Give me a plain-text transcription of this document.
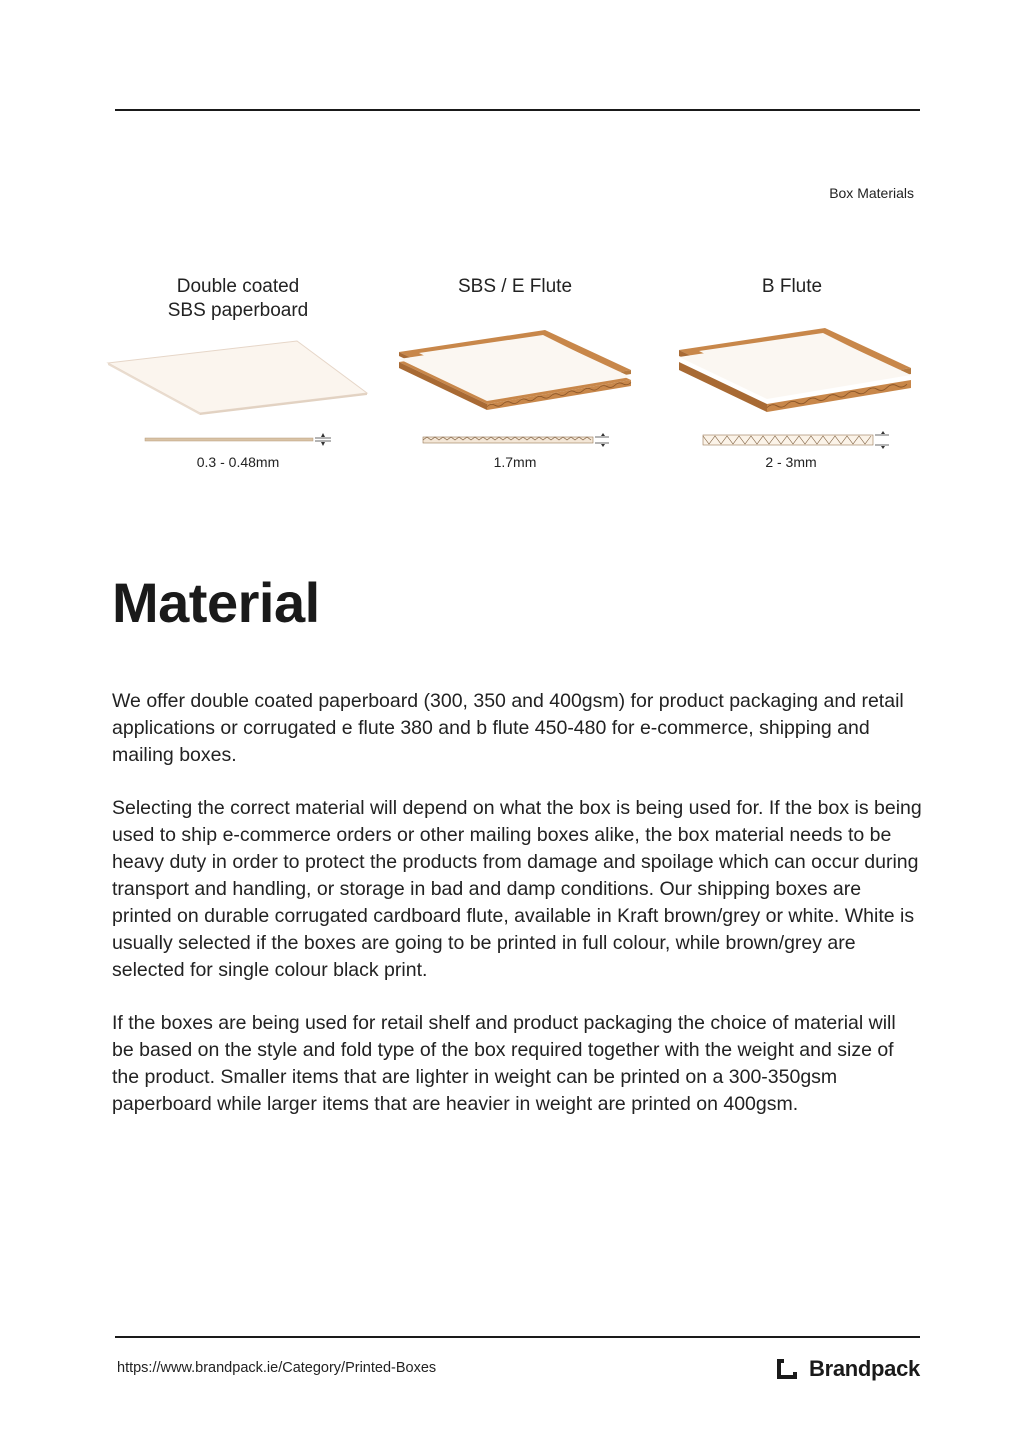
Box Materials
Double coated
SBS paperboard
0.3 - 0.48mm
SBS / E Flute
1.7mm
B Flute
2 - 3mm
Material

We offer double coated paperboard (300, 350 and 400gsm) for product packaging and retail applications or corrugated e flute 380 and b flute 450-480 for e-commerce, shipping and mailing boxes.

Selecting the correct material will depend on what the box is being used for. If the box is being used to ship e-commerce orders or other mailing boxes alike, the box material needs to be heavy duty in order to protect the products from damage and spoilage which can occur during transport and handling, or storage in bad and damp conditions. Our shipping boxes are printed on durable corrugated cardboard flute, available in Kraft brown/grey or white. White is usually selected if the boxes are going to be printed in full colour, while brown/grey are selected for single colour black print.

If the boxes are being used for retail shelf and product packaging the choice of material will be based on the style and fold type of the box required together with the weight and size of the product. Smaller items that are lighter in weight can be printed on a 300-350gsm paperboard while larger items that are heavier in weight are printed on 400gsm.

https://www.brandpack.ie/Category/Printed-Boxes	Brandpack
